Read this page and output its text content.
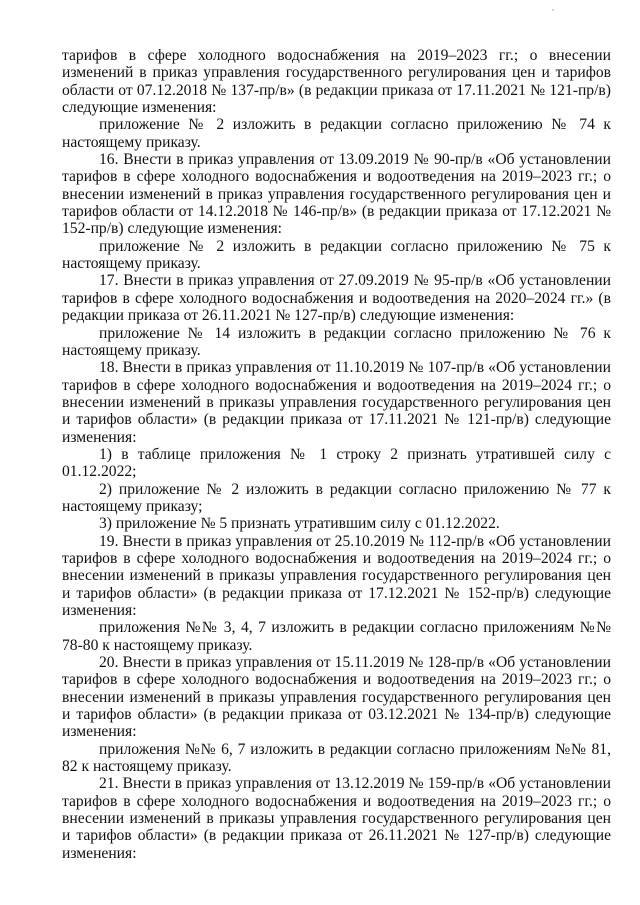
тарифов в сфере холодного водоснабжения на 2019–2023 гг.; о внесении изменений в приказ управления государственного регулирования цен и тарифов области от 07.12.2018 № 137-пр/в» (в редакции приказа от 17.11.2021 № 121-пр/в) следующие изменения:

приложение № 2 изложить в редакции согласно приложению № 74 к настоящему приказу.

16. Внести в приказ управления от 13.09.2019 № 90-пр/в «Об установлении тарифов в сфере холодного водоснабжения и водоотведения на 2019–2023 гг.; о внесении изменений в приказ управления государственного регулирования цен и тарифов области от 14.12.2018 № 146-пр/в» (в редакции приказа от 17.12.2021 № 152-пр/в) следующие изменения:

приложение № 2 изложить в редакции согласно приложению № 75 к настоящему приказу.

17. Внести в приказ управления от 27.09.2019 № 95-пр/в «Об установлении тарифов в сфере холодного водоснабжения и водоотведения на 2020–2024 гг.» (в редакции приказа от 26.11.2021 № 127-пр/в) следующие изменения:

приложение № 14 изложить в редакции согласно приложению № 76 к настоящему приказу.

18. Внести в приказ управления от 11.10.2019 № 107-пр/в «Об установлении тарифов в сфере холодного водоснабжения и водоотведения на 2019–2024 гг.; о внесении изменений в приказы управления государственного регулирования цен и тарифов области» (в редакции приказа от 17.11.2021 № 121-пр/в) следующие изменения:

1) в таблице приложения № 1 строку 2 признать утратившей силу с 01.12.2022;

2) приложение № 2 изложить в редакции согласно приложению № 77 к настоящему приказу;

3) приложение № 5 признать утратившим силу с 01.12.2022.

19. Внести в приказ управления от 25.10.2019 № 112-пр/в «Об установлении тарифов в сфере холодного водоснабжения и водоотведения на 2019–2024 гг.; о внесении изменений в приказы управления государственного регулирования цен и тарифов области» (в редакции приказа от 17.12.2021 № 152-пр/в) следующие изменения:

приложения №№ 3, 4, 7 изложить в редакции согласно приложениям №№ 78-80 к настоящему приказу.

20. Внести в приказ управления от 15.11.2019 № 128-пр/в «Об установлении тарифов в сфере холодного водоснабжения и водоотведения на 2019–2023 гг.; о внесении изменений в приказы управления государственного регулирования цен и тарифов области» (в редакции приказа от 03.12.2021 № 134-пр/в) следующие изменения:

приложения №№ 6, 7 изложить в редакции согласно приложениям №№ 81, 82 к настоящему приказу.

21. Внести в приказ управления от 13.12.2019 № 159-пр/в «Об установлении тарифов в сфере холодного водоснабжения и водоотведения на 2019–2023 гг.; о внесении изменений в приказы управления государственного регулирования цен и тарифов области» (в редакции приказа от 26.11.2021 № 127-пр/в) следующие изменения:
